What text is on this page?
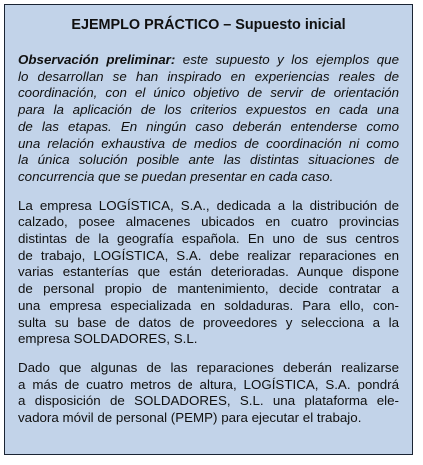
EJEMPLO PRÁCTICO – Supuesto inicial
Observación preliminar: este supuesto y los ejemplos que
lo desarrollan se han inspirado en experiencias reales de
coordinación, con el único objetivo de servir de orientación
para la aplicación de los criterios expuestos en cada una
de las etapas. En ningún caso deberán entenderse como
una relación exhaustiva de medios de coordinación ni como
la única solución posible ante las distintas situaciones de
concurrencia que se puedan presentar en cada caso.
La empresa LOGÍSTICA, S.A., dedicada a la distribución de
calzado, posee almacenes ubicados en cuatro provincias
distintas de la geografía española. En uno de sus centros
de trabajo, LOGÍSTICA, S.A. debe realizar reparaciones en
varias estanterías que están deterioradas. Aunque dispone
de personal propio de mantenimiento, decide contratar a
una empresa especializada en soldaduras. Para ello, con-
sulta su base de datos de proveedores y selecciona a la
empresa SOLDADORES, S.L.
Dado que algunas de las reparaciones deberán realizarse
a más de cuatro metros de altura, LOGÍSTICA, S.A. pondrá
a disposición de SOLDADORES, S.L. una plataforma ele-
vadora móvil de personal (PEMP) para ejecutar el trabajo.
